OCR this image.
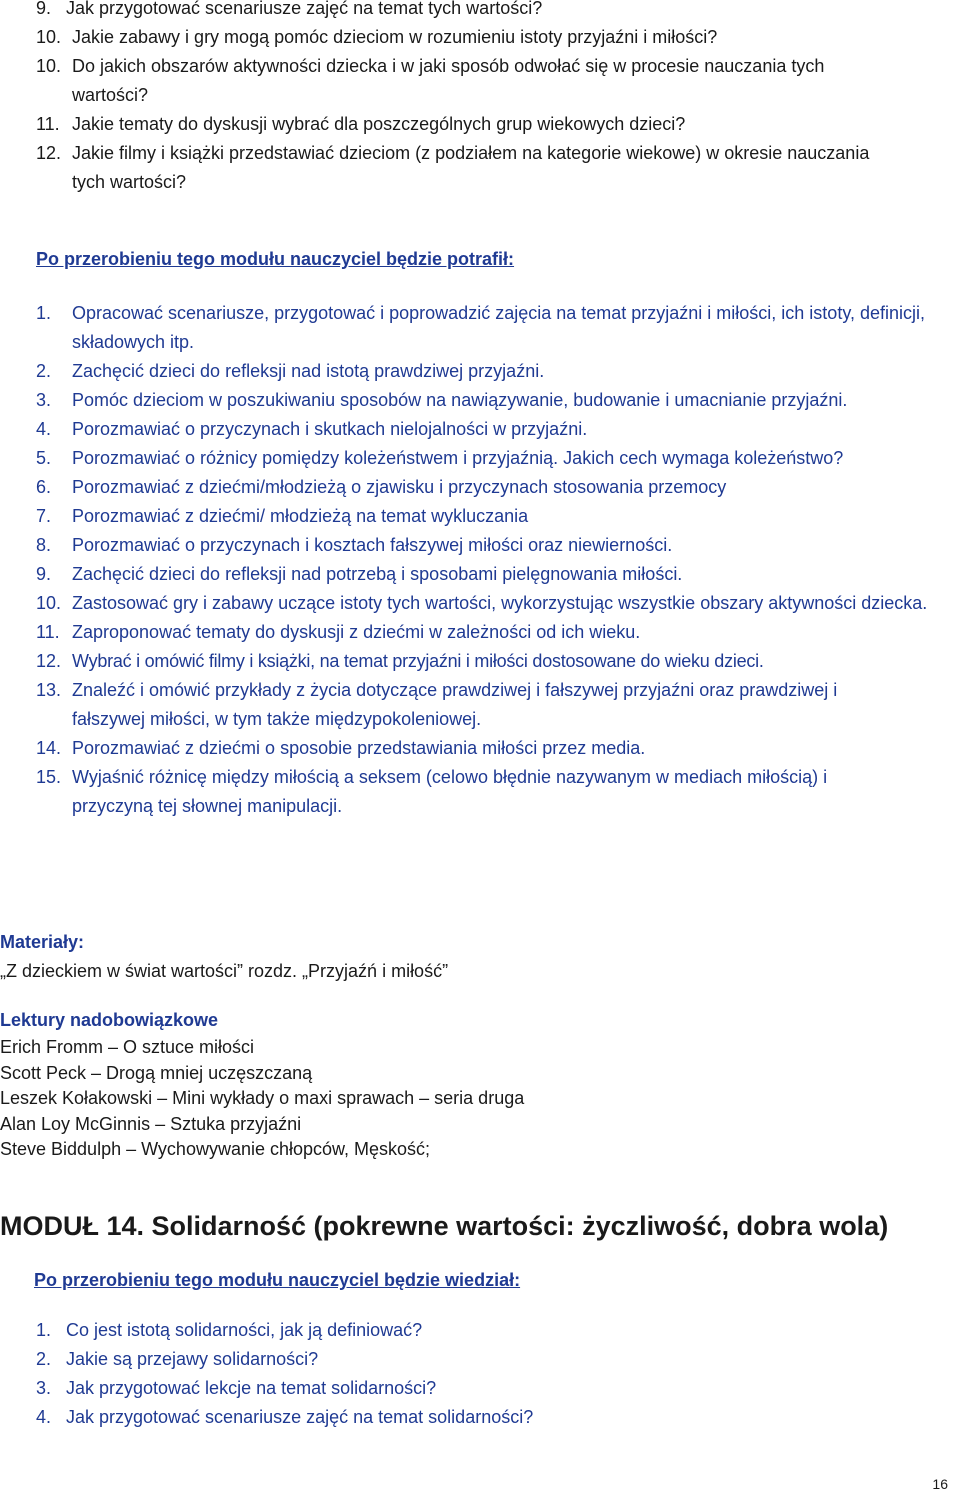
9. Jak przygotować scenariusze zajęć na temat tych wartości?
10. Jakie zabawy i gry mogą pomóc dzieciom w rozumieniu istoty przyjaźni i miłości?
10. Do jakich obszarów aktywności dziecka i w jaki sposób odwołać się w procesie nauczania tych wartości?
11. Jakie tematy do dyskusji wybrać dla poszczególnych grup wiekowych dzieci?
12. Jakie filmy i książki przedstawiać dzieciom (z podziałem na kategorie wiekowe) w okresie nauczania tych wartości?

Po przerobieniu tego modułu nauczyciel będzie potrafił:

1.	Opracować scenariusze, przygotować i poprowadzić zajęcia na temat przyjaźni i miłości, ich istoty, definicji, składowych itp.
2.	Zachęcić dzieci do refleksji nad istotą prawdziwej przyjaźni.
3.	Pomóc dzieciom w poszukiwaniu sposobów na nawiązywanie, budowanie i umacnianie przyjaźni.
4.	Porozmawiać o przyczynach i skutkach nielojalności w przyjaźni.
5.	Porozmawiać o różnicy pomiędzy koleżeństwem i przyjaźnią. Jakich cech wymaga koleżeństwo?
6.	Porozmawiać z dziećmi/młodzieżą o zjawisku i przyczynach stosowania przemocy
7.	Porozmawiać z dziećmi/ młodzieżą na temat wykluczania
8.	Porozmawiać o przyczynach i kosztach fałszywej miłości oraz niewierności.
9.	Zachęcić dzieci do refleksji nad potrzebą i sposobami pielęgnowania miłości.
10. Zastosować gry i zabawy uczące istoty tych wartości, wykorzystując wszystkie obszary aktywności dziecka.
11. Zaproponować tematy do dyskusji z dziećmi w zależności od ich wieku.
12. Wybrać i omówić filmy i książki, na temat przyjaźni i miłości dostosowane do wieku dzieci.
13. Znaleźć i omówić przykłady z życia dotyczące prawdziwej i fałszywej przyjaźni oraz prawdziwej i fałszywej miłości, w tym także międzypokoleniowej.
14. Porozmawiać z dziećmi o sposobie przedstawiania miłości przez media.
15. Wyjaśnić różnicę między miłością a seksem (celowo błędnie nazywanym w mediach miłością) i przyczyną tej słownej manipulacji.

Materiały:

„Z dzieckiem w świat wartości” rozdz. „Przyjaźń i miłość”

Lektury nadobowiązkowe

Erich Fromm – O sztuce miłości
Scott Peck – Drogą mniej uczęszczaną
Leszek Kołakowski – Mini wykłady o maxi sprawach – seria druga
Alan Loy McGinnis – Sztuka przyjaźni
Steve Biddulph – Wychowywanie chłopców, Męskość;

MODUŁ 14. Solidarność (pokrewne wartości: życzliwość, dobra wola)

Po przerobieniu tego modułu nauczyciel będzie wiedział:

1. Co jest istotą solidarności, jak ją definiować?
2. Jakie są przejawy solidarności?
3. Jak przygotować lekcje na temat solidarności?
4. Jak przygotować scenariusze zajęć na temat solidarności?
16
